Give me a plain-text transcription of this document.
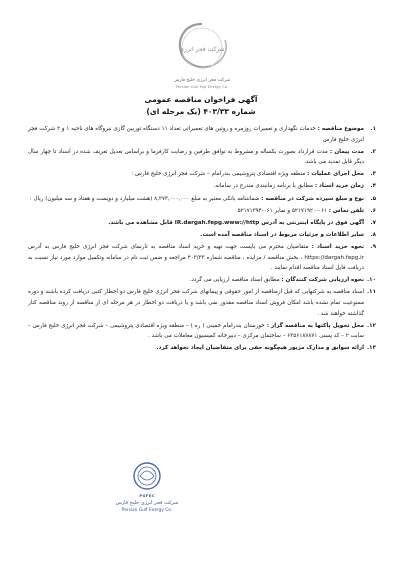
شرکت فجر انرژی
شرکت فجر انرژی خلیج فارس
Persian Gulf Fajr Energy Co.
آگهی فراخوان مناقصه عمومی
شماره ۴۰۳/۳۳ (یک مرحله ای)
۱.
موضوع مناقصه : خدمات نگهداری و تعمیرات روزمره و روتین های تعمیراتی تعداد ۱۱ دستگاه توربین گازی نیروگاه های ناحیه ۱ و ۲ شرکت فجر انرژی خلیج فارس
۲.
مدت پیمان : مدت قرارداد بصورت یکساله و مشروط به توافق طرفین و رضایت کارفرما و براساس تعدیل تعریف شده در اسناد تا چهار سال دیگر قابل تمدید می باشد.
۳.
محل اجرای عملیات : منطقه ویژه اقتصادی پتروشیمی بندرامام – شرکت فجر انرژی خلیج فارس :
۴.
زمان خرید اسناد : مطابق با برنامه زمانبندی مندرج در سامانه.
۵.
نوع و مبلغ سپرده شرکت در مناقصه : ضمانتنامه بانکی معتبر به مبلغ ۸,۲۷۳,۰۰۰,۰۰۰ (هشت میلیارد و دویست و هفتاد و سه میلیون) ریال :
۶.
تلفن تماس : ۰۶۱-۵۲۱۷۱۹۲۰ و نمابر ۰۶۱-۵۲۱۷۱۳۹۴
۷.
آگهی فوق در پایگاه اینترنتی به آدرس IR.dargah.fepg.www://http قابل مشاهده می باشد.
۸.
سایر اطلاعات و جزئیات مربوط در اسناد مناقصه آمده است.
۹.
نحوه خرید اسناد : متقاضیان محترم می بایست جهت تهیه و خرید اسناد مناقصه به تارنمای شرکت فجر انرژی خلیج فارس به آدرس https://dargah.fepg.ir ، بخش مناقصه / مزایده ، مناقصه شماره ۴۰۳/۳۳ مراجعه و ضمن ثبت نام در سامانه وتکمیل موارد مورد نیاز نسبت به دریافت فایل اسناد مناقصه اقدام نمایند .
۱۰.
نحوه ارزیابی شرکت کنندگان : مطابق اسناد مناقصه ارزیابی می گردد.
۱۱.
اسناد مناقصه به شرکتهایی که قبل ازمناقصه از امور حقوقی و پیمانهای شرکت فجر انرژی خلیج فارس دو اخطار کتبی دریافت کرده باشند و دوره ممنوعیت تمام نشده باشد امکان فروش اسناد مناقصه مقدور نمی باشد و یا دریافت دو اخطار در هر مرحله ای از مناقصه از روند مناقصه کنار گذاشته خواهند شد .
۱۲.
محل تحویل پاکتها به مناقصه گزار : خوزستان بندرامام خمینی ( ره ) – منطقه ویژه اقتصادی پتروشیمی – شرکت فجر انرژی خلیج فارس – سایت ۲ – کد پستی ۶۳۵۶۱۸۷۸۷۱ – ساختمان مرکزی – دبیرخانه کمیسیون معاملات می باشد .
۱۳.
ارائه سوابق و مدارک مزبور هیچگونه حقی برای متقاضیان ایجاد نخواهد کرد.
PGFEC
شرکت فجر انرژی خلیج فارس
Persian Gulf Energy Co.
